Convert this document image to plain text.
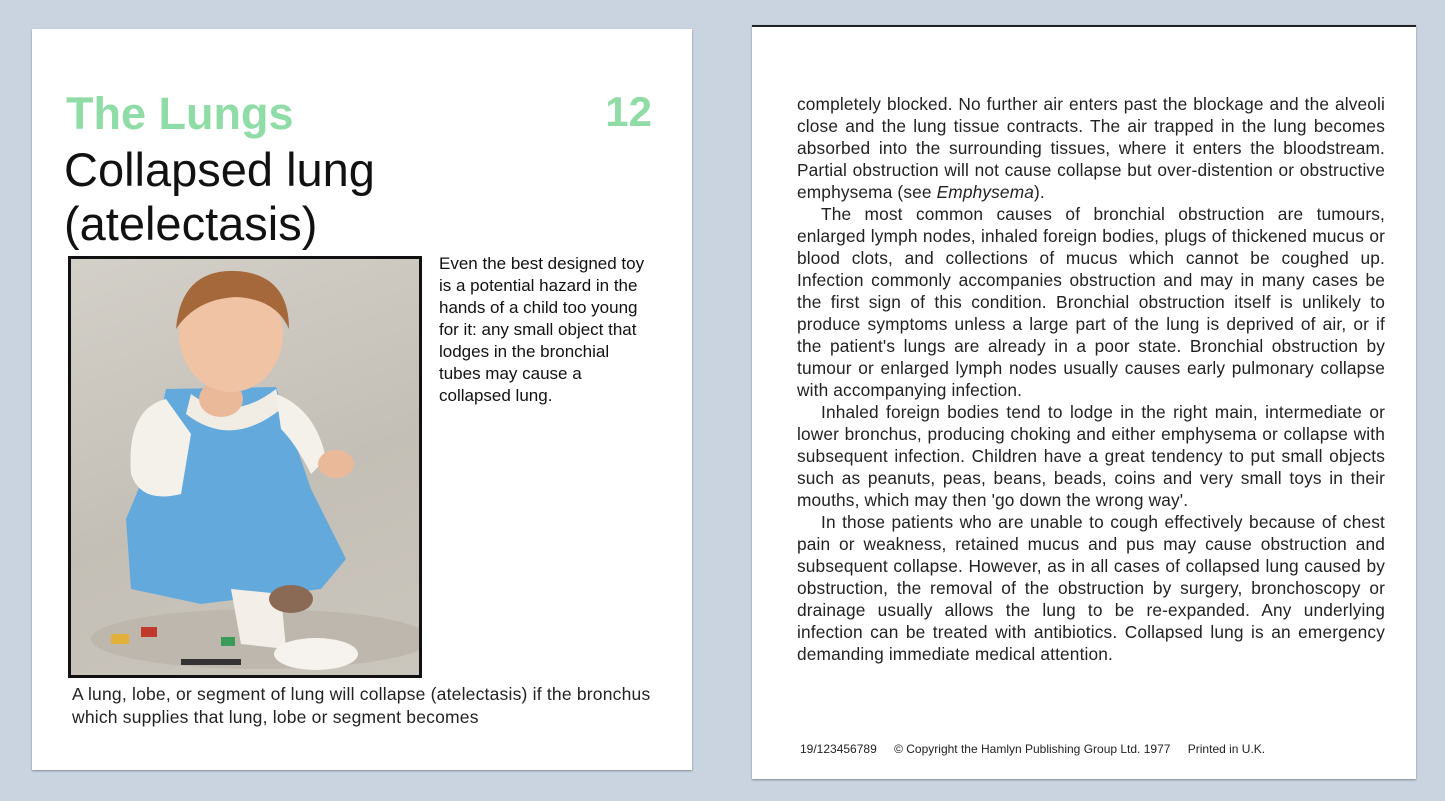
The Lungs	12
Collapsed lung
(atelectasis)
Even the best designed toy is a potential hazard in the hands of a child too young for it: any small object that lodges in the bronchial tubes may cause a collapsed lung.
A lung, lobe, or segment of lung will collapse (atelectasis) if the bronchus which supplies that lung, lobe or segment becomes

completely blocked. No further air enters past the blockage and the alveoli close and the lung tissue contracts. The air trapped in the lung becomes absorbed into the surrounding tissues, where it enters the bloodstream. Partial obstruction will not cause collapse but over-distention or obstructive emphysema (see Emphysema).

The most common causes of bronchial obstruction are tumours, enlarged lymph nodes, inhaled foreign bodies, plugs of thickened mucus or blood clots, and collections of mucus which cannot be coughed up. Infection commonly accompanies obstruction and may in many cases be the first sign of this condition. Bronchial obstruction itself is unlikely to produce symptoms unless a large part of the lung is deprived of air, or if the patient's lungs are already in a poor state. Bronchial obstruction by tumour or enlarged lymph nodes usually causes early pulmonary collapse with accompanying infection.

Inhaled foreign bodies tend to lodge in the right main, intermediate or lower bronchus, producing choking and either emphysema or collapse with subsequent infection. Children have a great tendency to put small objects such as peanuts, peas, beans, beads, coins and very small toys in their mouths, which may then 'go down the wrong way'.

In those patients who are unable to cough effectively because of chest pain or weakness, retained mucus and pus may cause obstruction and subsequent collapse. However, as in all cases of collapsed lung caused by obstruction, the removal of the obstruction by surgery, bronchoscopy or drainage usually allows the lung to be re-expanded. Any underlying infection can be treated with antibiotics. Collapsed lung is an emergency demanding immediate medical attention.

19/123456789 © Copyright the Hamlyn Publishing Group Ltd. 1977 Printed in U.K.
